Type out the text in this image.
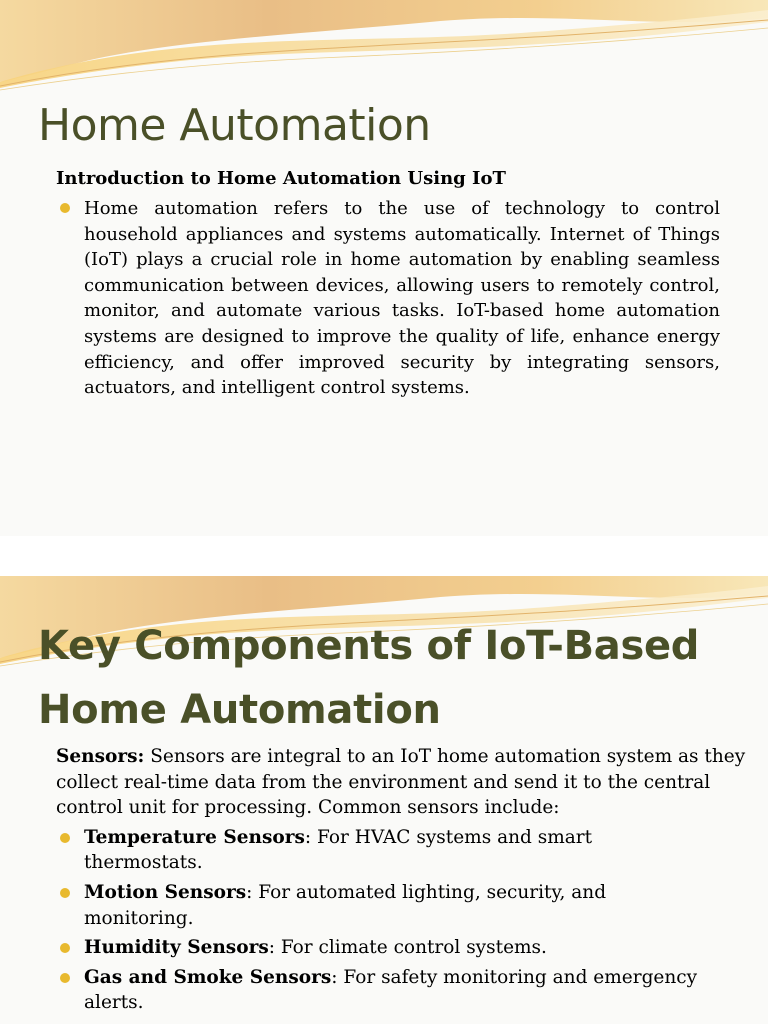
Home Automation
Introduction to Home Automation Using IoT
Home automation refers to the use of technology to control household appliances and systems automatically. Internet of Things (IoT) plays a crucial role in home automation by enabling seamless communication between devices, allowing users to remotely control, monitor, and automate various tasks. IoT-based home automation systems are designed to improve the quality of life, enhance energy efficiency, and offer improved security by integrating sensors, actuators, and intelligent control systems.
Key Components of IoT-Based Home Automation
Sensors: Sensors are integral to an IoT home automation system as they collect real-time data from the environment and send it to the central control unit for processing. Common sensors include:
Temperature Sensors: For HVAC systems and smart thermostats.
Motion Sensors: For automated lighting, security, and monitoring.
Humidity Sensors: For climate control systems.
Gas and Smoke Sensors: For safety monitoring and emergency alerts.
